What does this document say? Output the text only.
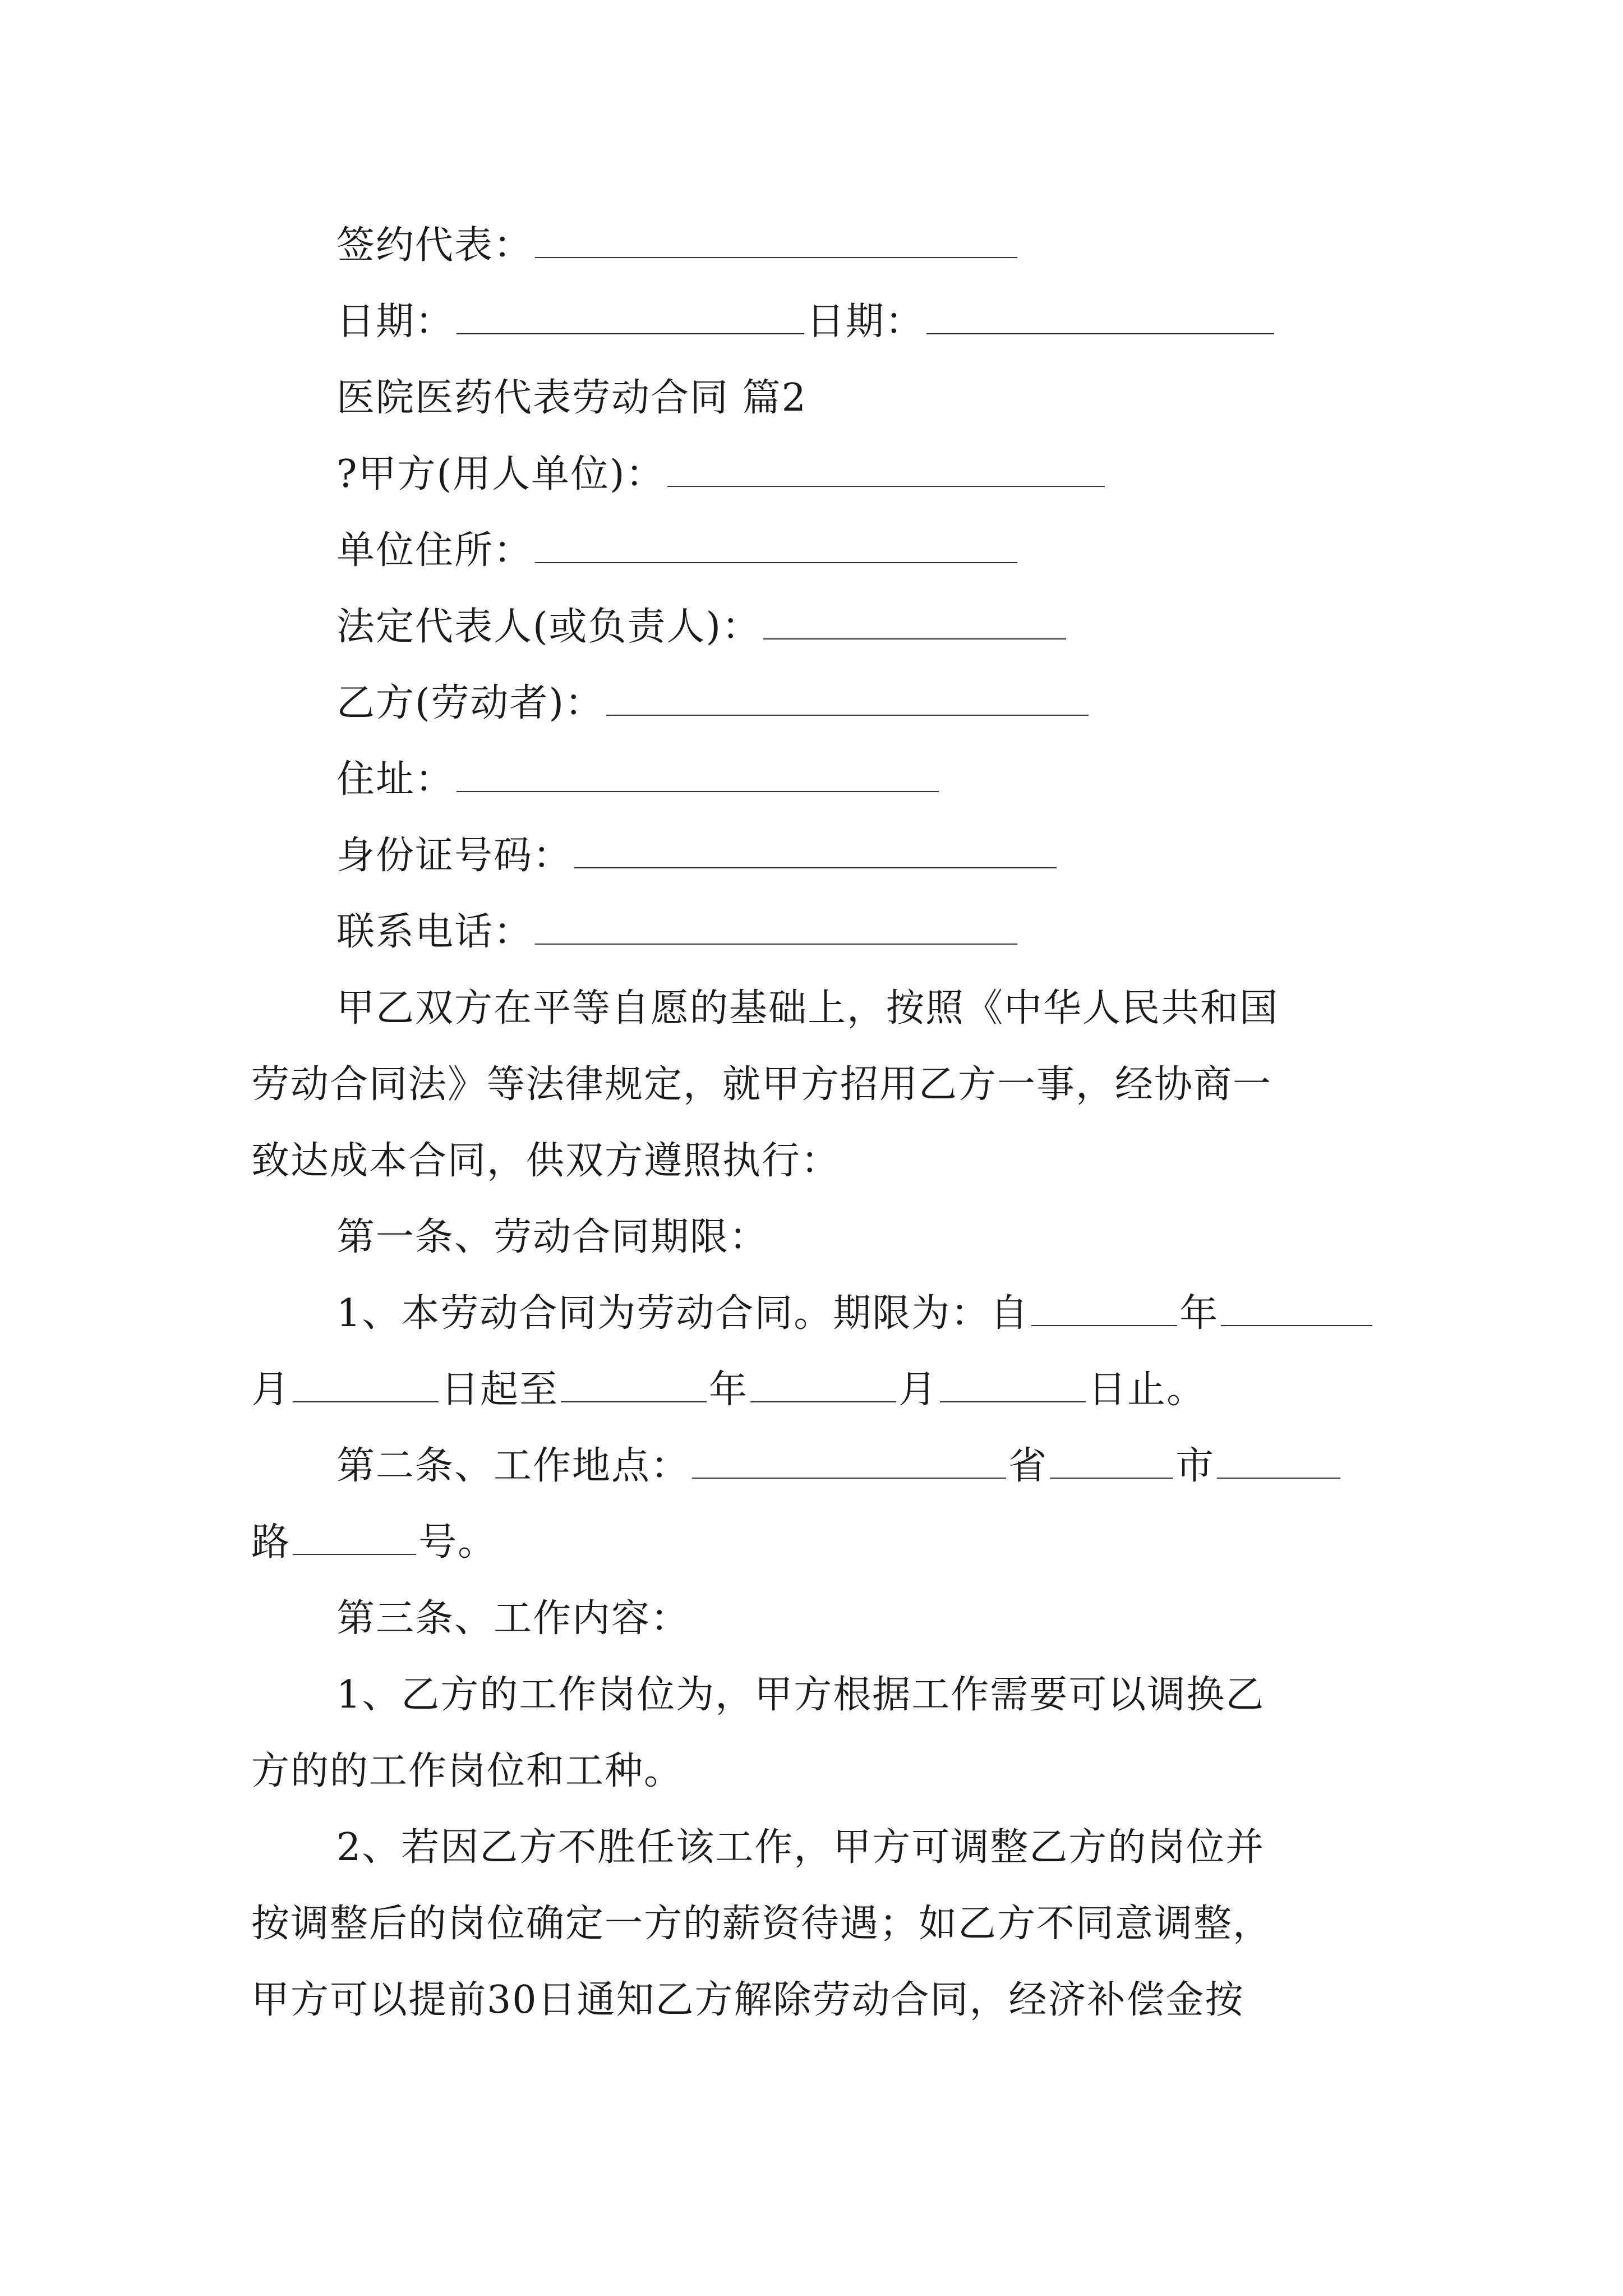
签约代表：
日期：	日期：
医院医药代表劳动合同 篇2
?甲方(用人单位)：
单位住所：
法定代表人(或负责人)：
乙方(劳动者)：
住址：
身份证号码：
联系电话：
甲乙双方在平等自愿的基础上，按照《中华人民共和国
劳动合同法》等法律规定，就甲方招用乙方一事，经协商一
致达成本合同，供双方遵照执行：
第一条、劳动合同期限：
1、本劳动合同为劳动合同。期限为：自	年
月	日起至	年	月	日止。
第二条、工作地点：	省	市
路	号。
第三条、工作内容：
1、乙方的工作岗位为，甲方根据工作需要可以调换乙
方的的工作岗位和工种。
2、若因乙方不胜任该工作，甲方可调整乙方的岗位并
按调整后的岗位确定一方的薪资待遇；如乙方不同意调整，
甲方可以提前30日通知乙方解除劳动合同，经济补偿金按
